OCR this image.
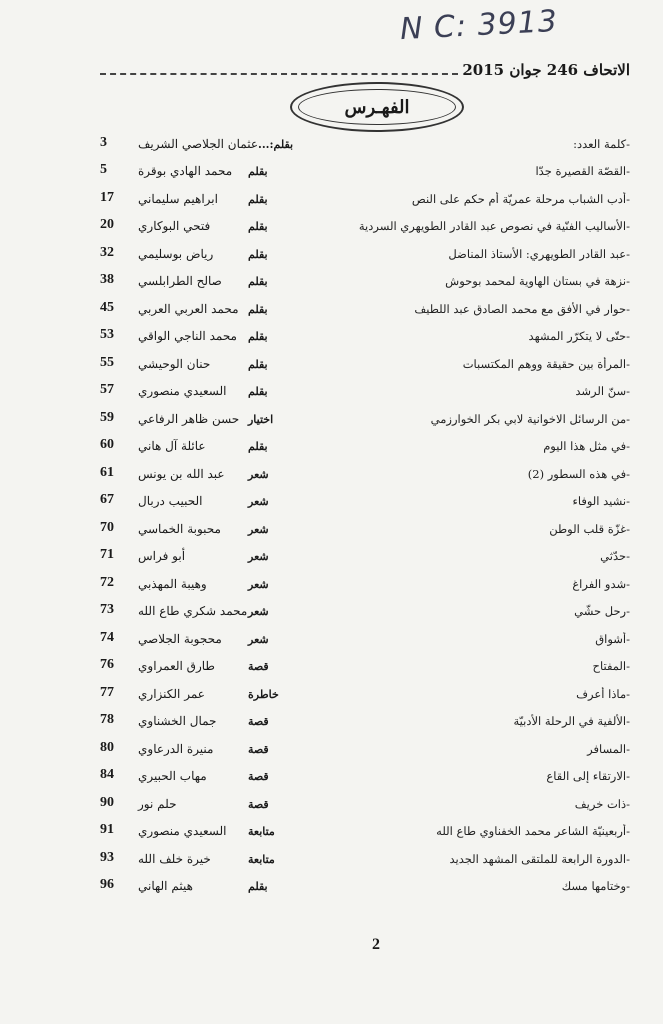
N C: 3913
الاتحاف 246 جوان 2015
الفهـرس
-كلمة العدد:
بقلم:...
عثمان الجلاصي الشريف
3
-القصّة القصيرة جدّا
بقلم
محمد الهادي بوقرة
5
-أدب الشباب مرحلة عمريّة أم حكم على النص
بقلم
ابراهيم سليماني
17
-الأساليب الفنّية في نصوص عبد القادر الطويهري السردية
بقلم
فتحي البوكاري
20
-عبد القادر الطويهري: الأستاذ المناضل
بقلم
رياض بوسليمي
32
-نزهة في بستان الهاوية لمحمد بوحوش
بقلم
صالح الطرابلسي
38
-حوار في الأفق مع محمد الصادق عبد اللطيف
بقلم
محمد العربي العربي
45
-حتّى لا يتكرّر المشهد
بقلم
محمد الناجي الواقي
53
-المرأة بين حقيقة ووهم المكتسبات
بقلم
حنان الوحيشي
55
-سنّ الرشد
بقلم
السعيدي منصوري
57
-من الرسائل الاخوانية لابي بكر الخوارزمي
اختيار
حسن ظاهر الرفاعي
59
-في مثل هذا اليوم
بقلم
عائلة آل هاني
60
-في هذه السطور (2)
شعر
عبد الله بن يونس
61
-نشيد الوفاء
شعر
الحبيب دربال
67
-غزّة قلب الوطن
شعر
محبوبة الخماسي
70
-حدّثي
شعر
أبو فراس
71
-شدو الفراغ
شعر
وهيبة المهذبي
72
-رحل حشّي
شعر
محمد شكري طاع الله
73
-أشواق
شعر
محجوبة الجلاصي
74
-المفتاح
قصة
طارق العمراوي
76
-ماذا أعرف
خاطرة
عمر الكنزاري
77
-الألفية في الرحلة الأدبيّة
قصة
جمال الخشناوي
78
-المسافر
قصة
منيرة الدرعاوي
80
-الارتقاء إلى القاع
قصة
مهاب الحبيري
84
-ذات خريف
قصة
حلم نور
90
-أربعينيّة الشاعر محمد الخفناوي طاع الله
متابعة
السعيدي منصوري
91
-الدورة الرابعة للملتقى المشهد الجديد
متابعة
خيرة خلف الله
93
-وختامها مسك
بقلم
هيثم الهاني
96
2
